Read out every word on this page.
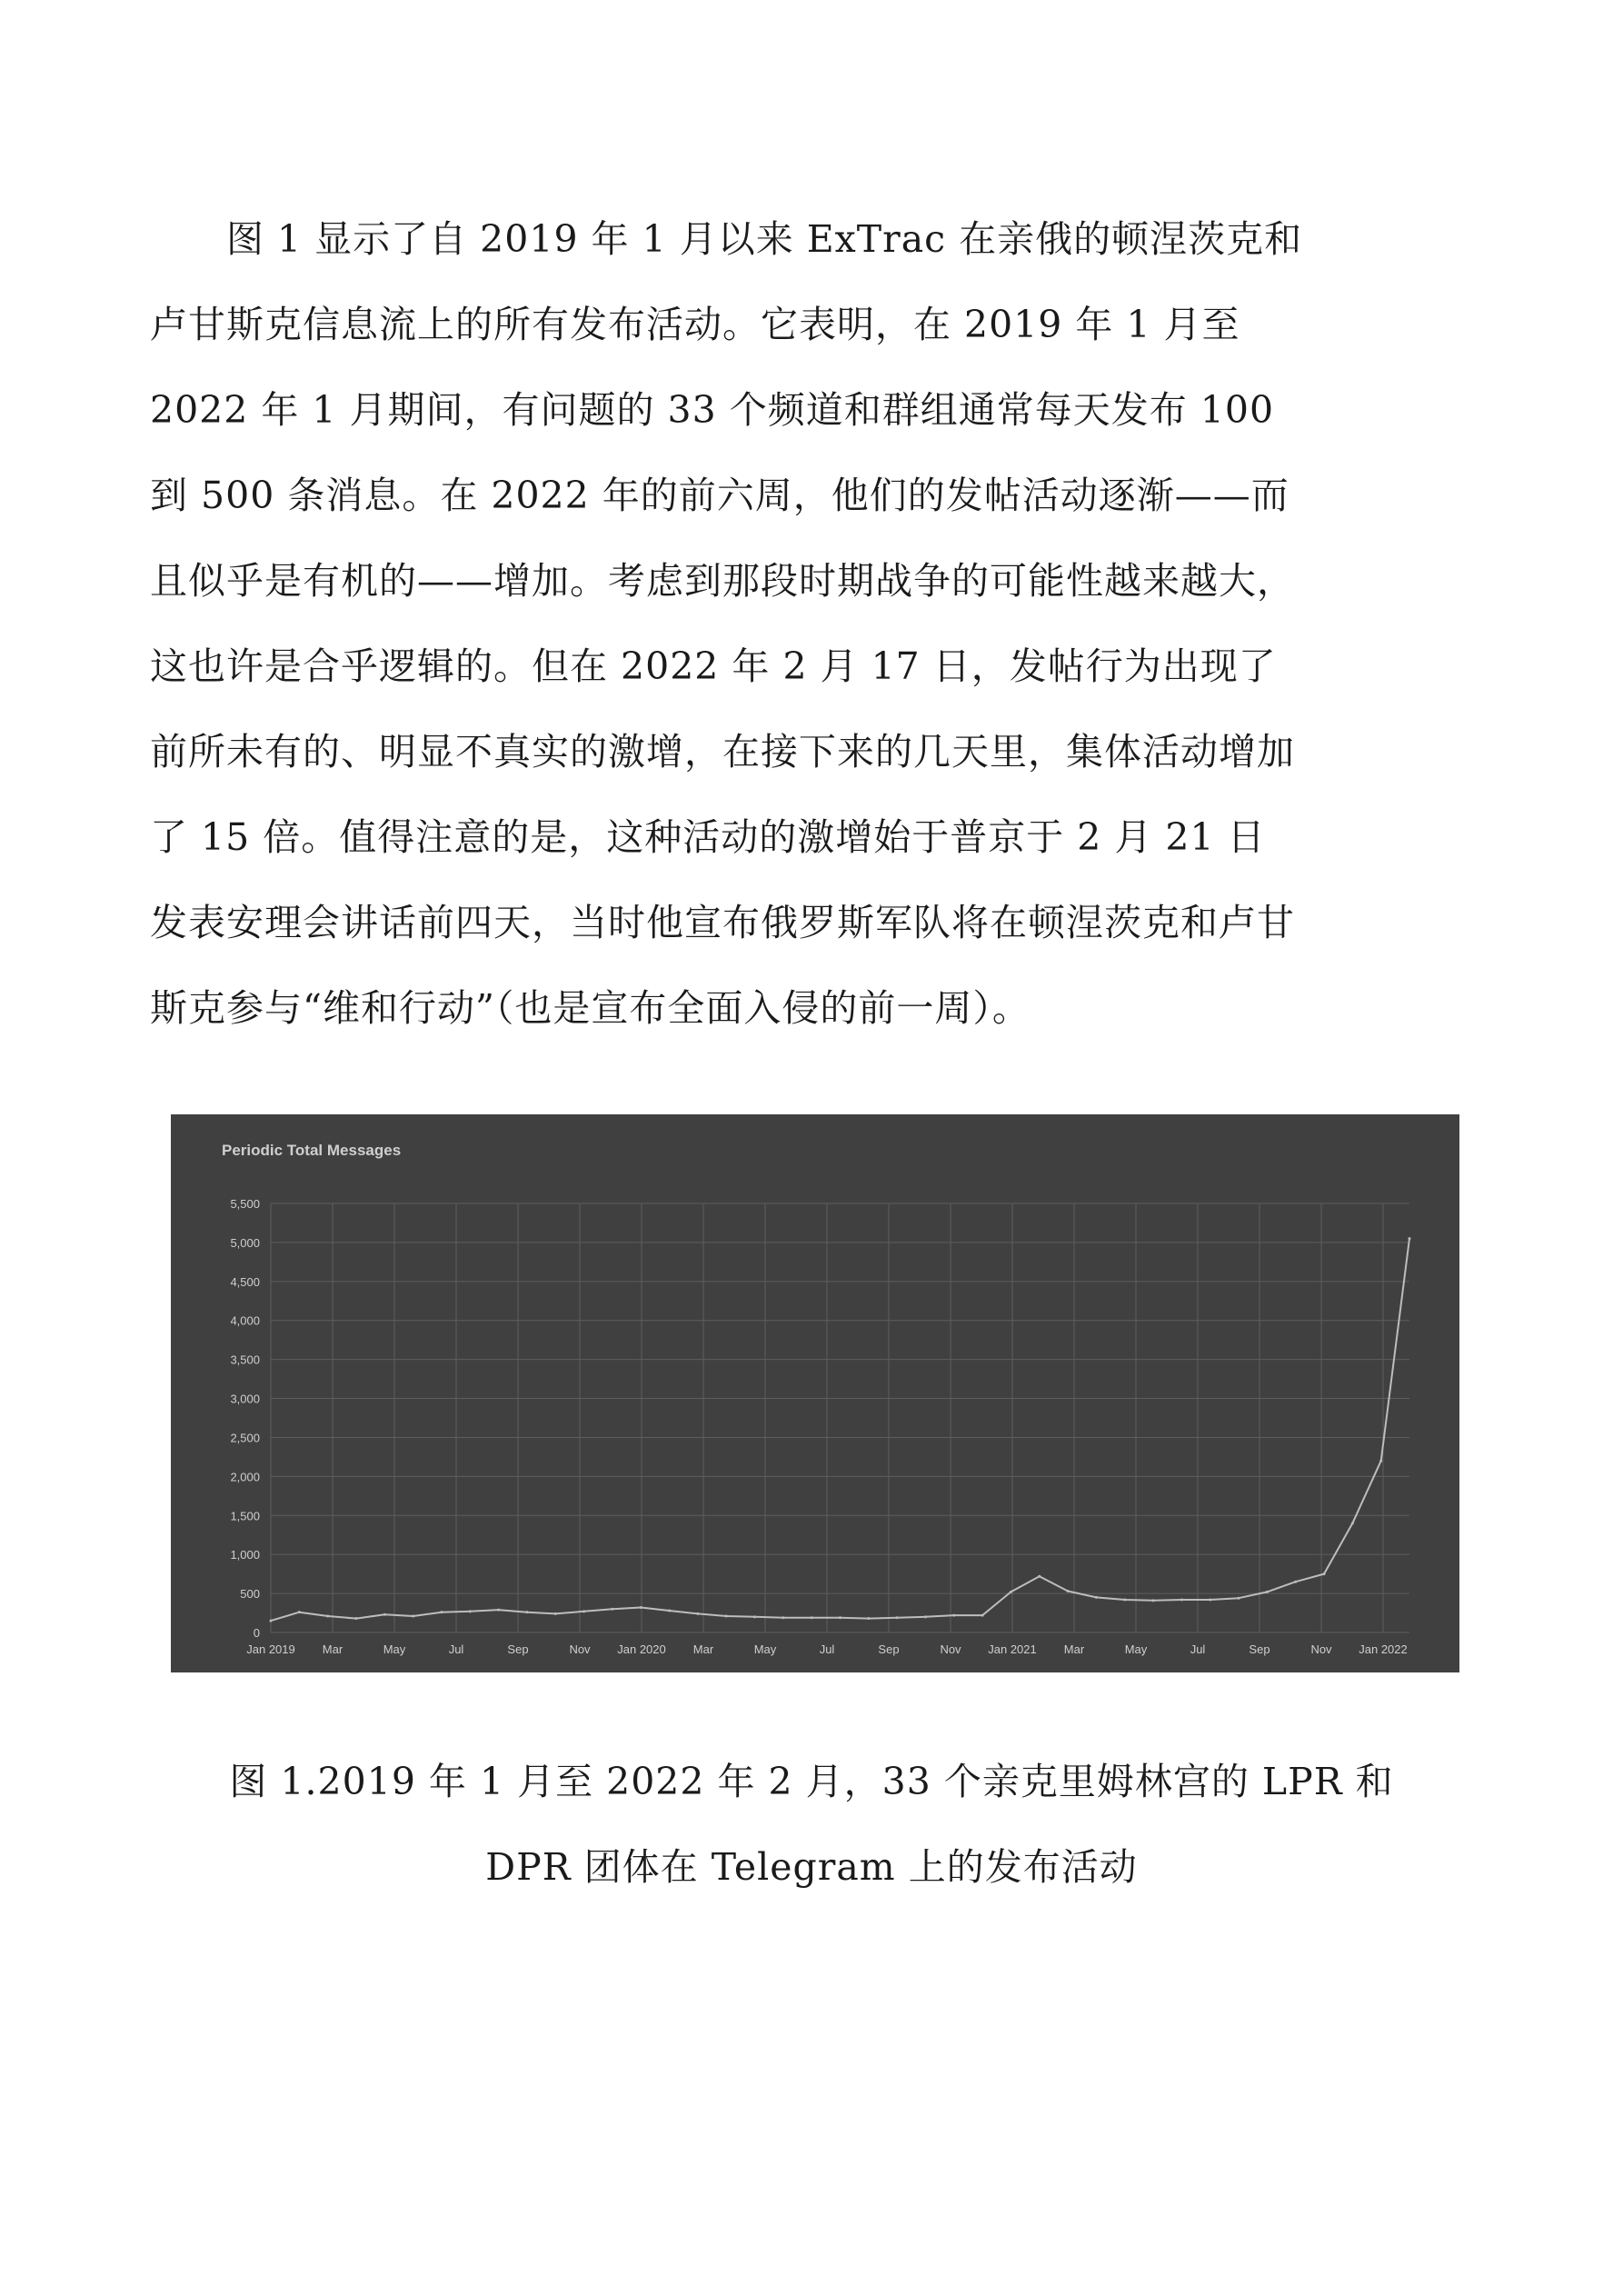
　　图 1 显示了自 2019 年 1 月以来 ExTrac 在亲俄的顿涅茨克和
卢甘斯克信息流上的所有发布活动。它表明，在 2019 年 1 月至
2022 年 1 月期间，有问题的 33 个频道和群组通常每天发布 100
到 500 条消息。在 2022 年的前六周，他们的发帖活动逐渐——而
且似乎是有机的——增加。考虑到那段时期战争的可能性越来越大，
这也许是合乎逻辑的。但在 2022 年 2 月 17 日，发帖行为出现了
前所未有的、明显不真实的激增，在接下来的几天里，集体活动增加
了 15 倍。值得注意的是，这种活动的激增始于普京于 2 月 21 日
发表安理会讲话前四天，当时他宣布俄罗斯军队将在顿涅茨克和卢甘
斯克参与“维和行动”（也是宣布全面入侵的前一周）。
Periodic Total Messages
0
500
1,000
1,500
2,000
2,500
3,000
3,500
4,000
4,500
5,000
5,500
Jan 2019 Mar	May	Jul	Sep	Nov Jan 2020 Mar	May	Jul	Sep	Nov Jan 2021 Mar	May	Jul	Sep	Nov Jan 2022
图 1.2019 年 1 月至 2022 年 2 月，33 个亲克里姆林宫的 LPR 和
DPR 团体在 Telegram 上的发布活动
